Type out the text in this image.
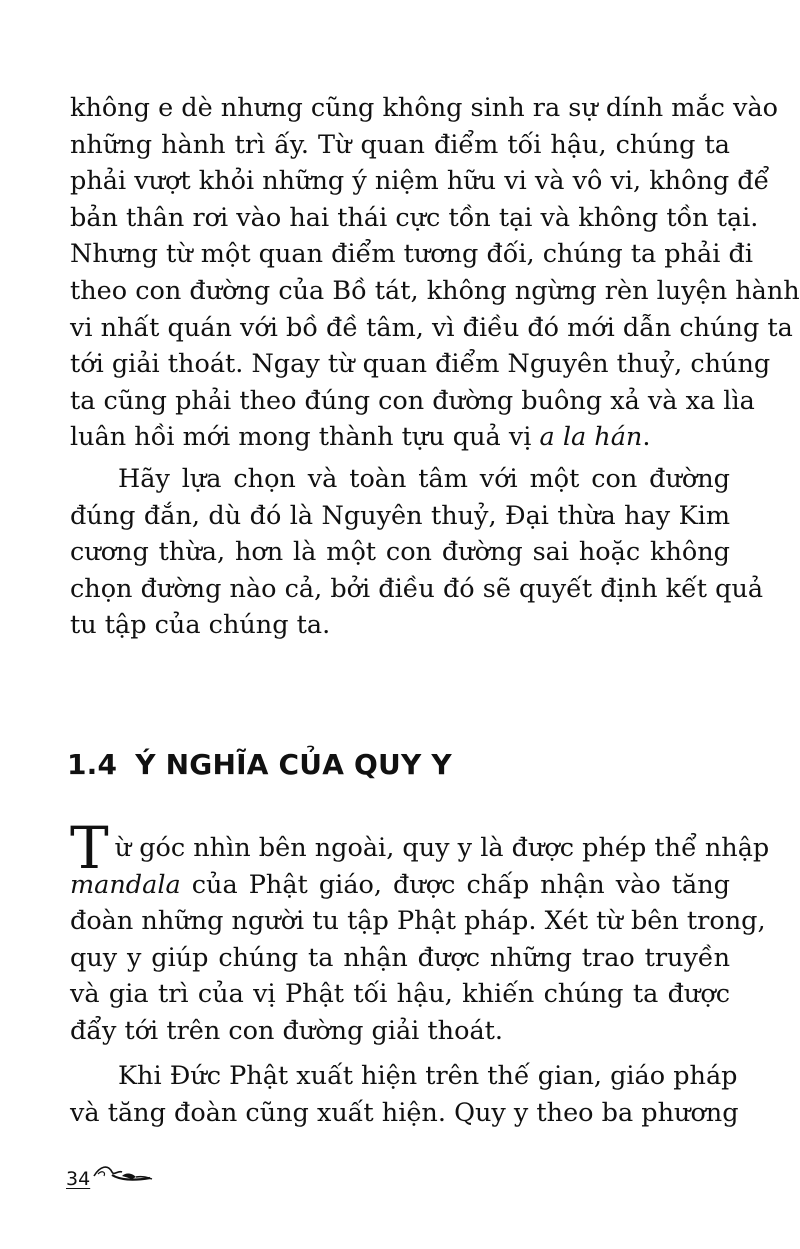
không e dè nhưng cũng không sinh ra sự dính mắc vào
những hành trì ấy. Từ quan điểm tối hậu, chúng ta
phải vượt khỏi những ý niệm hữu vi và vô vi, không để
bản thân rơi vào hai thái cực tồn tại và không tồn tại.
Nhưng từ một quan điểm tương đối, chúng ta phải đi
theo con đường của Bồ tát, không ngừng rèn luyện hành
vi nhất quán với bồ đề tâm, vì điều đó mới dẫn chúng ta
tới giải thoát. Ngay từ quan điểm Nguyên thuỷ, chúng
ta cũng phải theo đúng con đường buông xả và xa lìa
luân hồi mới mong thành tựu quả vị a la hán.
Hãy lựa chọn và toàn tâm với một con đường
đúng đắn, dù đó là Nguyên thuỷ, Đại thừa hay Kim
cương thừa, hơn là một con đường sai hoặc không
chọn đường nào cả, bởi điều đó sẽ quyết định kết quả
tu tập của chúng ta.
1.4 Ý NGHĨA CỦA QUY Y
T ừ góc nhìn bên ngoài, quy y là được phép thể nhập
mandala của Phật giáo, được chấp nhận vào tăng
đoàn những người tu tập Phật pháp. Xét từ bên trong,
quy y giúp chúng ta nhận được những trao truyền
và gia trì của vị Phật tối hậu, khiến chúng ta được
đẩy tới trên con đường giải thoát.
Khi Đức Phật xuất hiện trên thế gian, giáo pháp
và tăng đoàn cũng xuất hiện. Quy y theo ba phương
34
